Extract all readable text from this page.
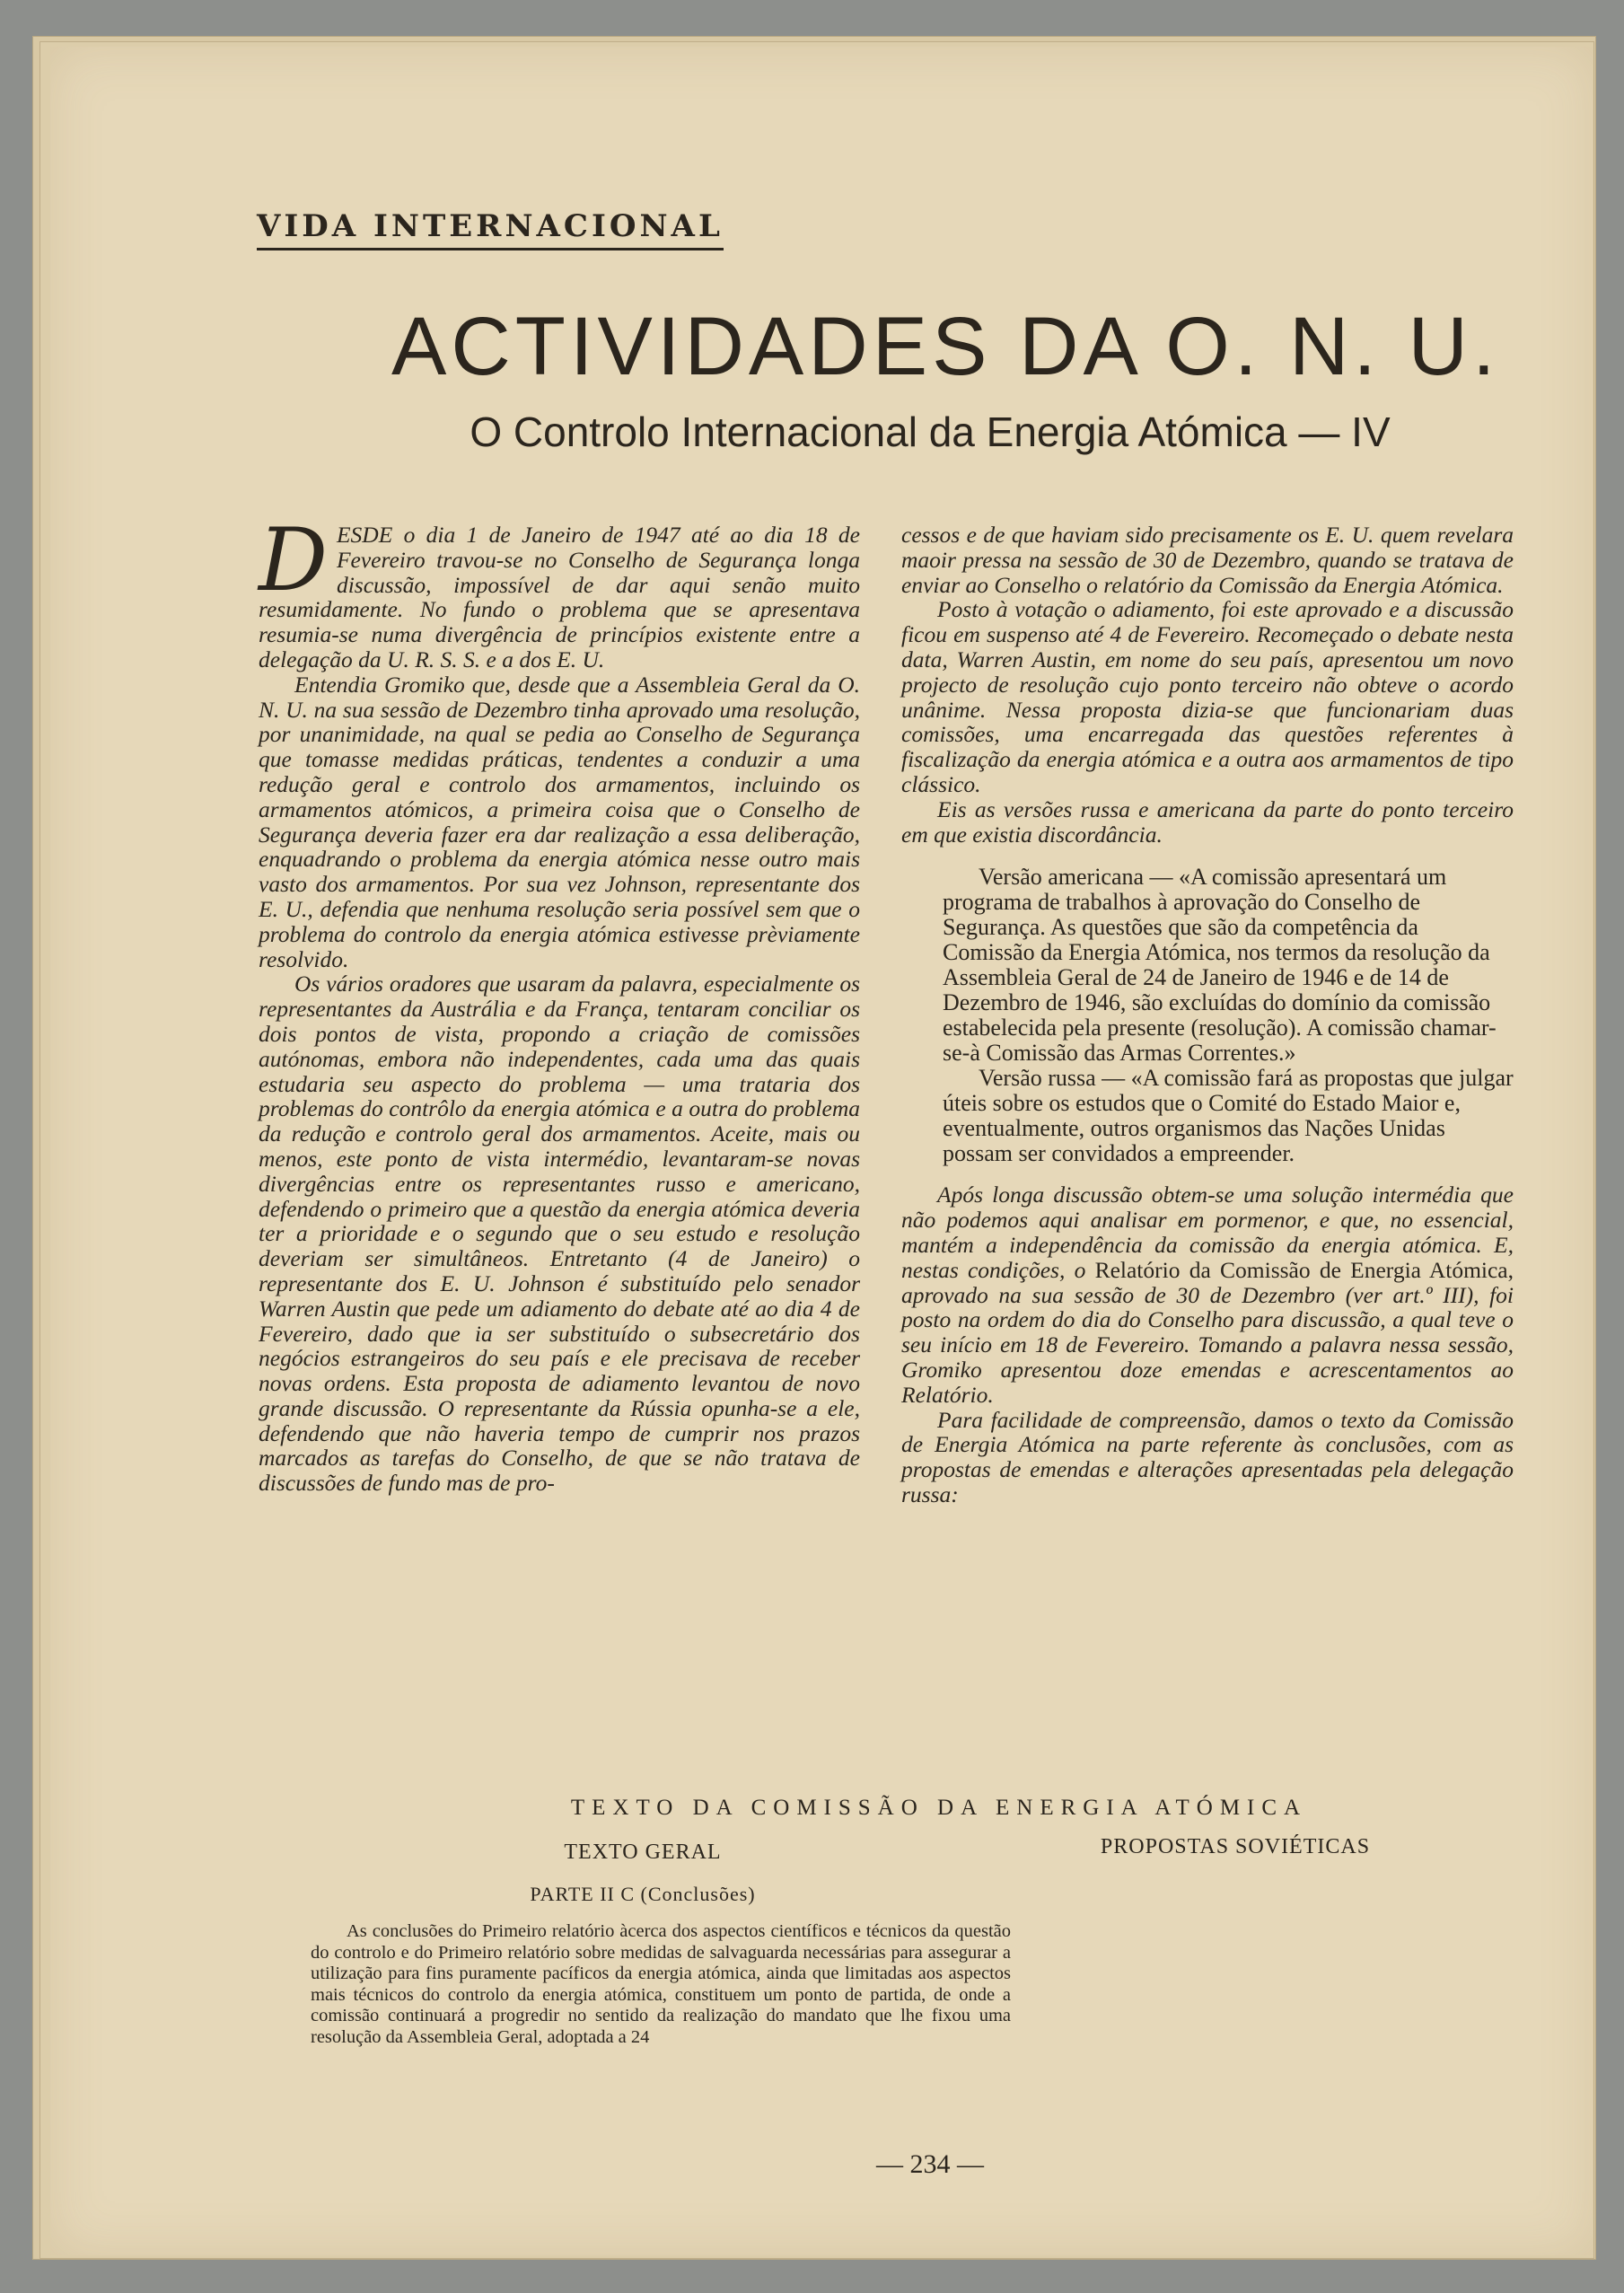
VIDA INTERNACIONAL
ACTIVIDADES DA O. N. U.
O Controlo Internacional da Energia Atómica — IV

DESDE o dia 1 de Janeiro de 1947 até ao dia 18 de Fevereiro travou-se no Conselho de Segurança longa discussão, impossível de dar aqui senão muito resumidamente. No fundo o problema que se apresentava resumia-se numa divergência de princípios existente entre a delegação da U. R. S. S. e a dos E. U.

Entendia Gromiko que, desde que a Assembleia Geral da O. N. U. na sua sessão de Dezembro tinha aprovado uma resolução, por unanimidade, na qual se pedia ao Conselho de Segurança que tomasse medidas práticas, tendentes a conduzir a uma redução geral e controlo dos armamentos, incluindo os armamentos atómicos, a primeira coisa que o Conselho de Segurança deveria fazer era dar realização a essa deliberação, enquadrando o problema da energia atómica nesse outro mais vasto dos armamentos. Por sua vez Johnson, representante dos E. U., defendia que nenhuma resolução seria possível sem que o problema do controlo da energia atómica estivesse prèviamente resolvido.

Os vários oradores que usaram da palavra, especialmente os representantes da Austrália e da França, tentaram conciliar os dois pontos de vista, propondo a criação de comissões autónomas, embora não independentes, cada uma das quais estudaria seu aspecto do problema — uma trataria dos problemas do contrôlo da energia atómica e a outra do problema da redução e controlo geral dos armamentos. Aceite, mais ou menos, este ponto de vista intermédio, levantaram-se novas divergências entre os representantes russo e americano, defendendo o primeiro que a questão da energia atómica deveria ter a prioridade e o segundo que o seu estudo e resolução deveriam ser simultâneos. Entretanto (4 de Janeiro) o representante dos E. U. Johnson é substituído pelo senador Warren Austin que pede um adiamento do debate até ao dia 4 de Fevereiro, dado que ia ser substituído o subsecretário dos negócios estrangeiros do seu país e ele precisava de receber novas ordens. Esta proposta de adiamento levantou de novo grande discussão. O representante da Rússia opunha-se a ele, defendendo que não haveria tempo de cumprir nos prazos marcados as tarefas do Conselho, de que se não tratava de discussões de fundo mas de pro-

cessos e de que haviam sido precisamente os E. U. quem revelara maoir pressa na sessão de 30 de Dezembro, quando se tratava de enviar ao Conselho o relatório da Comissão da Energia Atómica.

Posto à votação o adiamento, foi este aprovado e a discussão ficou em suspenso até 4 de Fevereiro. Recomeçado o debate nesta data, Warren Austin, em nome do seu país, apresentou um novo projecto de resolução cujo ponto terceiro não obteve o acordo unânime. Nessa proposta dizia-se que funcionariam duas comissões, uma encarregada das questões referentes à fiscalização da energia atómica e a outra aos armamentos de tipo clássico.

Eis as versões russa e americana da parte do ponto terceiro em que existia discordância.

Versão americana — «A comissão apresentará um programa de trabalhos à aprovação do Conselho de Segurança. As questões que são da competência da Comissão da Energia Atómica, nos termos da resolução da Assembleia Geral de 24 de Janeiro de 1946 e de 14 de Dezembro de 1946, são excluídas do domínio da comissão estabelecida pela presente (resolução). A comissão chamar-se-à Comissão das Armas Correntes.»

Versão russa — «A comissão fará as propostas que julgar úteis sobre os estudos que o Comité do Estado Maior e, eventualmente, outros organismos das Nações Unidas possam ser convidados a empreender.

Após longa discussão obtem-se uma solução intermédia que não podemos aqui analisar em pormenor, e que, no essencial, mantém a independência da comissão da energia atómica. E, nestas condições, o Relatório da Comissão de Energia Atómica, aprovado na sua sessão de 30 de Dezembro (ver art.º III), foi posto na ordem do dia do Conselho para discussão, a qual teve o seu início em 18 de Fevereiro. Tomando a palavra nessa sessão, Gromiko apresentou doze emendas e acrescentamentos ao Relatório.

Para facilidade de compreensão, damos o texto da Comissão de Energia Atómica na parte referente às conclusões, com as propostas de emendas e alterações apresentadas pela delegação russa:

TEXTO DA COMISSÃO DA ENERGIA ATÓMICA
TEXTO GERAL	PROPOSTAS SOVIÉTICAS
PARTE II C (Conclusões)

As conclusões do Primeiro relatório àcerca dos aspectos científicos e técnicos da questão do controlo e do Primeiro relatório sobre medidas de salvaguarda necessárias para assegurar a utilização para fins puramente pacíficos da energia atómica, ainda que limitadas aos aspectos mais técnicos do controlo da energia atómica, constituem um ponto de partida, de onde a comissão continuará a progredir no sentido da realização do mandato que lhe fixou uma resolução da Assembleia Geral, adoptada a 24

— 234 —
